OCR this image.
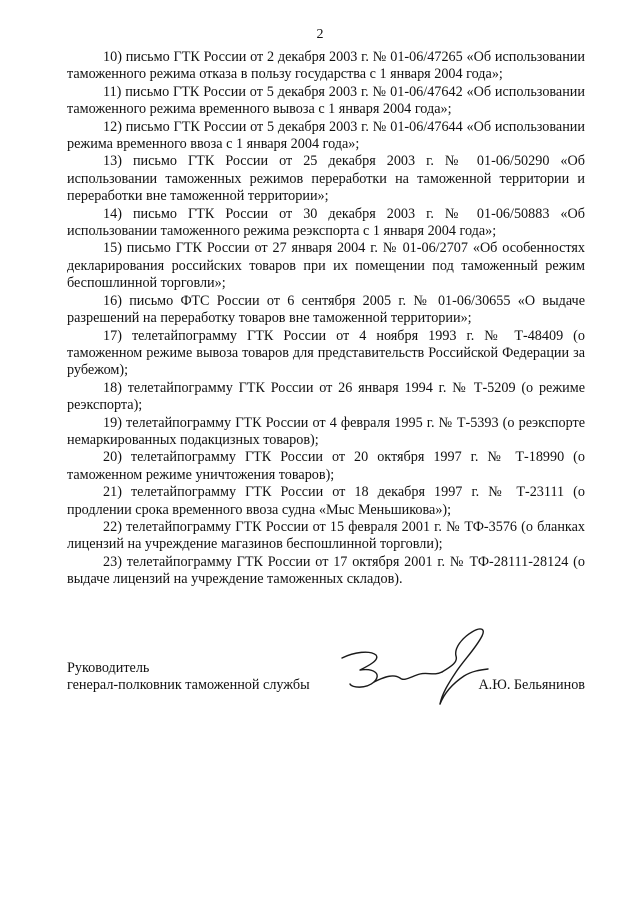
2
10) письмо ГТК России от 2 декабря 2003 г. № 01-06/47265 «Об использовании таможенного режима отказа в пользу государства с 1 января 2004 года»;
11) письмо ГТК России от 5 декабря 2003 г. № 01-06/47642 «Об использовании таможенного режима временного вывоза с 1 января 2004 года»;
12) письмо ГТК России от 5 декабря 2003 г. № 01-06/47644 «Об использовании режима временного ввоза с 1 января 2004 года»;
13) письмо ГТК России от 25 декабря 2003 г. № 01-06/50290 «Об использовании таможенных режимов переработки на таможенной территории и переработки вне таможенной территории»;
14) письмо ГТК России от 30 декабря 2003 г. № 01-06/50883 «Об использовании таможенного режима реэкспорта с 1 января 2004 года»;
15) письмо ГТК России от 27 января 2004 г. № 01-06/2707 «Об особенностях декларирования российских товаров при их помещении под таможенный режим беспошлинной торговли»;
16) письмо ФТС России от 6 сентября 2005 г. № 01-06/30655 «О выдаче разрешений на переработку товаров вне таможенной территории»;
17) телетайпограмму ГТК России от 4 ноября 1993 г. № Т-48409 (о таможенном режиме вывоза товаров для представительств Российской Федерации за рубежом);
18) телетайпограмму ГТК России от 26 января 1994 г. № Т-5209 (о режиме реэкспорта);
19) телетайпограмму ГТК России от 4 февраля 1995 г. № Т-5393 (о реэкспорте немаркированных подакцизных товаров);
20) телетайпограмму ГТК России от 20 октября 1997 г. № Т-18990 (о таможенном режиме уничтожения товаров);
21) телетайпограмму ГТК России от 18 декабря 1997 г. № Т-23111 (о продлении срока временного ввоза судна «Мыс Меньшикова»);
22) телетайпограмму ГТК России от 15 февраля 2001 г. № ТФ-3576 (о бланках лицензий на учреждение магазинов беспошлинной торговли);
23) телетайпограмму ГТК России от 17 октября 2001 г. № ТФ-28111-28124 (о выдаче лицензий на учреждение таможенных складов).
Руководитель
генерал-полковник таможенной службы	А.Ю. Бельянинов
